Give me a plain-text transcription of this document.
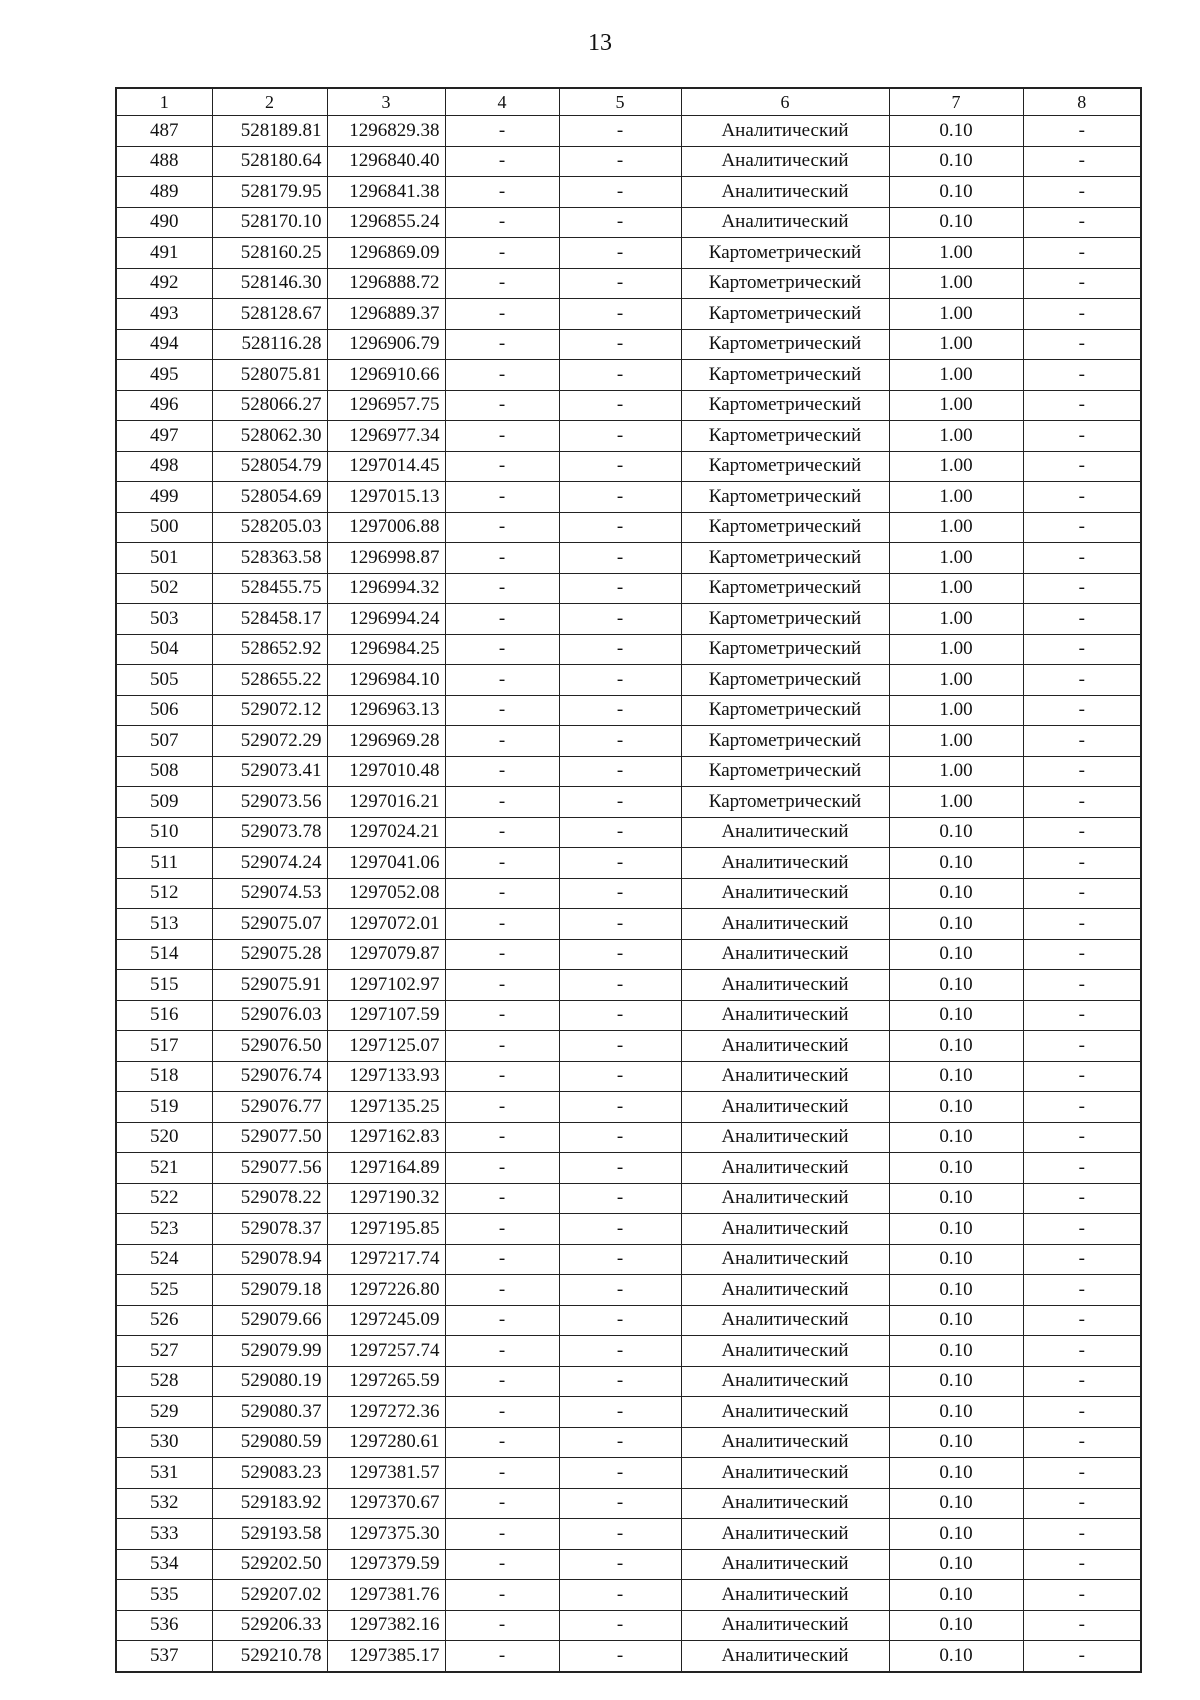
13
1	2	3	4	5	6	7	8
487	528189.81	1296829.38	-	-	Аналитический	0.10	-
488	528180.64	1296840.40	-	-	Аналитический	0.10	-
489	528179.95	1296841.38	-	-	Аналитический	0.10	-
490	528170.10	1296855.24	-	-	Аналитический	0.10	-
491	528160.25	1296869.09	-	-	Картометрический	1.00	-
492	528146.30	1296888.72	-	-	Картометрический	1.00	-
493	528128.67	1296889.37	-	-	Картометрический	1.00	-
494	528116.28	1296906.79	-	-	Картометрический	1.00	-
495	528075.81	1296910.66	-	-	Картометрический	1.00	-
496	528066.27	1296957.75	-	-	Картометрический	1.00	-
497	528062.30	1296977.34	-	-	Картометрический	1.00	-
498	528054.79	1297014.45	-	-	Картометрический	1.00	-
499	528054.69	1297015.13	-	-	Картометрический	1.00	-
500	528205.03	1297006.88	-	-	Картометрический	1.00	-
501	528363.58	1296998.87	-	-	Картометрический	1.00	-
502	528455.75	1296994.32	-	-	Картометрический	1.00	-
503	528458.17	1296994.24	-	-	Картометрический	1.00	-
504	528652.92	1296984.25	-	-	Картометрический	1.00	-
505	528655.22	1296984.10	-	-	Картометрический	1.00	-
506	529072.12	1296963.13	-	-	Картометрический	1.00	-
507	529072.29	1296969.28	-	-	Картометрический	1.00	-
508	529073.41	1297010.48	-	-	Картометрический	1.00	-
509	529073.56	1297016.21	-	-	Картометрический	1.00	-
510	529073.78	1297024.21	-	-	Аналитический	0.10	-
511	529074.24	1297041.06	-	-	Аналитический	0.10	-
512	529074.53	1297052.08	-	-	Аналитический	0.10	-
513	529075.07	1297072.01	-	-	Аналитический	0.10	-
514	529075.28	1297079.87	-	-	Аналитический	0.10	-
515	529075.91	1297102.97	-	-	Аналитический	0.10	-
516	529076.03	1297107.59	-	-	Аналитический	0.10	-
517	529076.50	1297125.07	-	-	Аналитический	0.10	-
518	529076.74	1297133.93	-	-	Аналитический	0.10	-
519	529076.77	1297135.25	-	-	Аналитический	0.10	-
520	529077.50	1297162.83	-	-	Аналитический	0.10	-
521	529077.56	1297164.89	-	-	Аналитический	0.10	-
522	529078.22	1297190.32	-	-	Аналитический	0.10	-
523	529078.37	1297195.85	-	-	Аналитический	0.10	-
524	529078.94	1297217.74	-	-	Аналитический	0.10	-
525	529079.18	1297226.80	-	-	Аналитический	0.10	-
526	529079.66	1297245.09	-	-	Аналитический	0.10	-
527	529079.99	1297257.74	-	-	Аналитический	0.10	-
528	529080.19	1297265.59	-	-	Аналитический	0.10	-
529	529080.37	1297272.36	-	-	Аналитический	0.10	-
530	529080.59	1297280.61	-	-	Аналитический	0.10	-
531	529083.23	1297381.57	-	-	Аналитический	0.10	-
532	529183.92	1297370.67	-	-	Аналитический	0.10	-
533	529193.58	1297375.30	-	-	Аналитический	0.10	-
534	529202.50	1297379.59	-	-	Аналитический	0.10	-
535	529207.02	1297381.76	-	-	Аналитический	0.10	-
536	529206.33	1297382.16	-	-	Аналитический	0.10	-
537	529210.78	1297385.17	-	-	Аналитический	0.10	-
